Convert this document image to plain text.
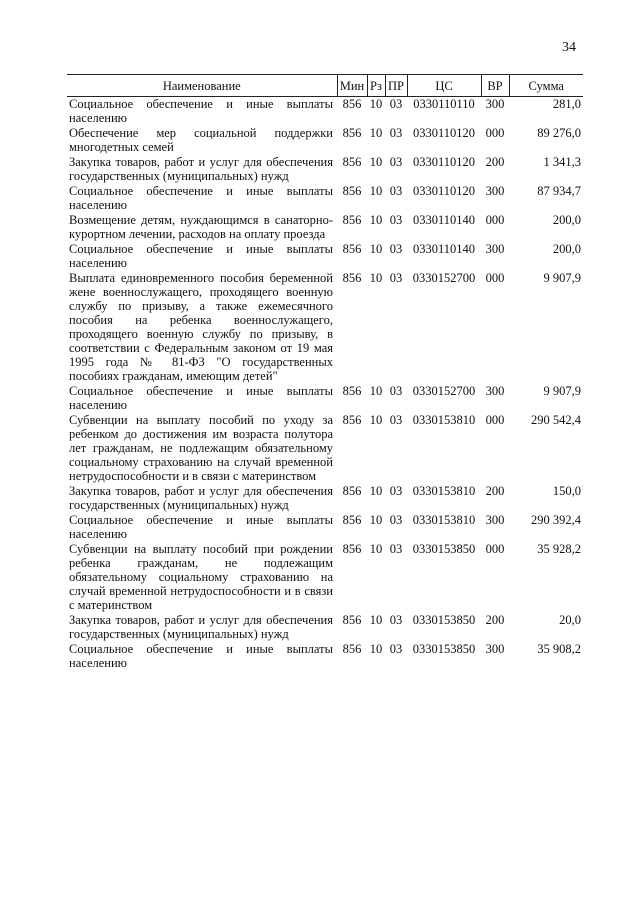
34
Наименование	Мин	Рз	ПР	ЦС	ВР	Сумма
Социальное обеспечение и иные выплаты населению	856	10	03	0330110110	300	281,0
Обеспечение мер социальной поддержки многодетных семей	856	10	03	0330110120	000	89 276,0
Закупка товаров, работ и услуг для обеспечения государственных (муниципальных) нужд	856	10	03	0330110120	200	1 341,3
Социальное обеспечение и иные выплаты населению	856	10	03	0330110120	300	87 934,7
Возмещение детям, нуждающимся в санаторно-курортном лечении, расходов на оплату проезда	856	10	03	0330110140	000	200,0
Социальное обеспечение и иные выплаты населению	856	10	03	0330110140	300	200,0
Выплата единовременного пособия беременной жене военнослужащего, проходящего военную службу по призыву, а также ежемесячного пособия на ребенка военнослужащего, проходящего военную службу по призыву, в соответствии с Федеральным законом от 19 мая 1995 года № 81-ФЗ "О государственных пособиях гражданам, имеющим детей"	856	10	03	0330152700	000	9 907,9
Социальное обеспечение и иные выплаты населению	856	10	03	0330152700	300	9 907,9
Субвенции на выплату пособий по уходу за ребенком до достижения им возраста полутора лет гражданам, не подлежащим обязательному социальному страхованию на случай временной нетрудоспособности и в связи с материнством	856	10	03	0330153810	000	290 542,4
Закупка товаров, работ и услуг для обеспечения государственных (муниципальных) нужд	856	10	03	0330153810	200	150,0
Социальное обеспечение и иные выплаты населению	856	10	03	0330153810	300	290 392,4
Субвенции на выплату пособий при рождении ребенка гражданам, не подлежащим обязательному социальному страхованию на случай временной нетрудоспособности и в связи с материнством	856	10	03	0330153850	000	35 928,2
Закупка товаров, работ и услуг для обеспечения государственных (муниципальных) нужд	856	10	03	0330153850	200	20,0
Социальное обеспечение и иные выплаты населению	856	10	03	0330153850	300	35 908,2
